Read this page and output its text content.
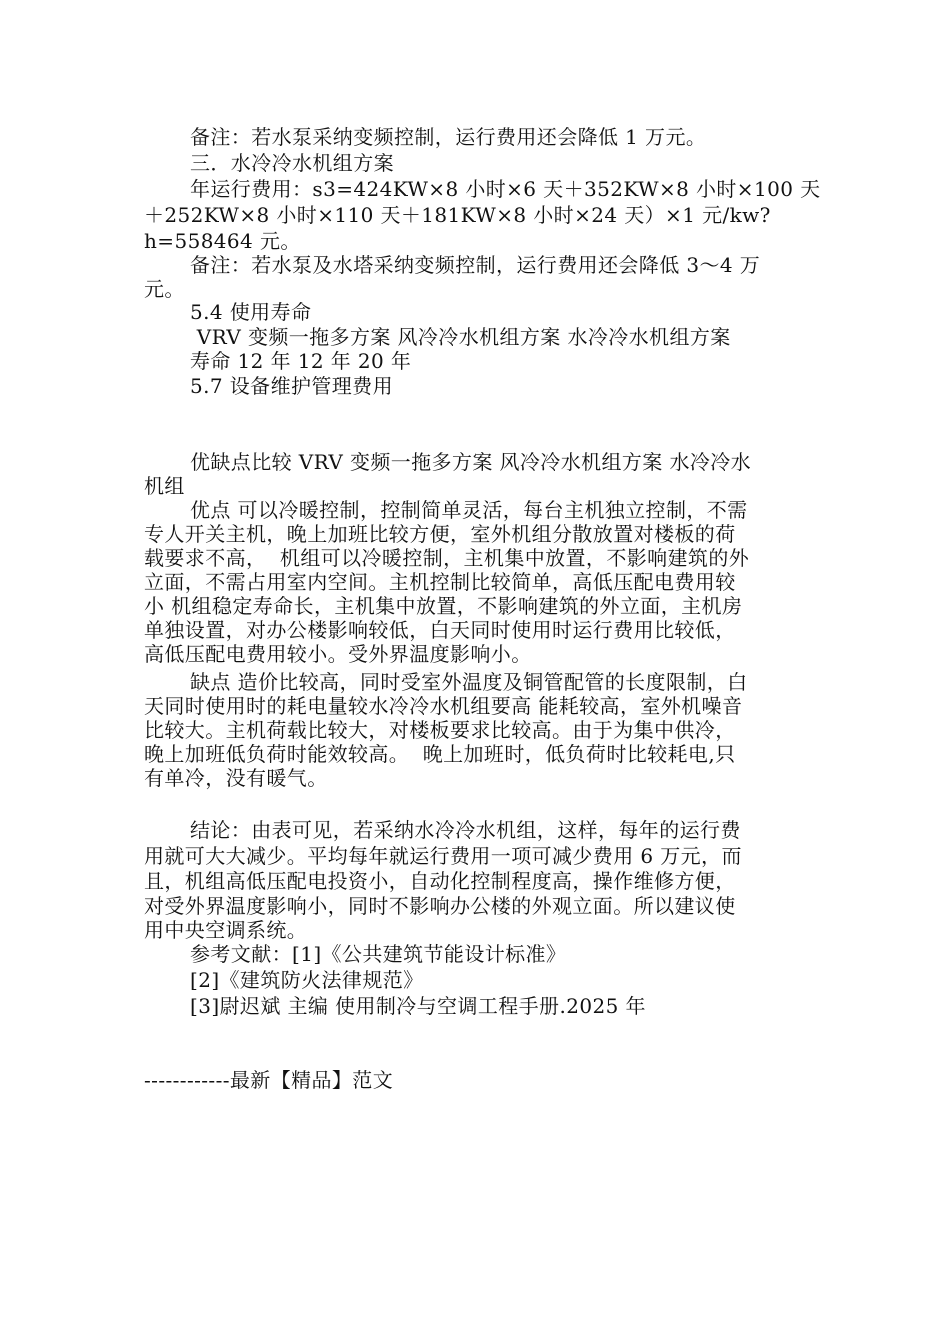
备注：若水泵采纳变频控制，运行费用还会降低 1 万元。
三．水冷冷水机组方案
年运行费用：s3=424KW×8 小时×6 天＋352KW×8 小时×100 天
＋252KW×8 小时×110 天＋181KW×8 小时×24 天）×1 元/kw?
h=558464 元。
备注：若水泵及水塔采纳变频控制，运行费用还会降低 3～4 万
元。
5.4 使用寿命
VRV 变频一拖多方案 风冷冷水机组方案 水冷冷水机组方案
寿命 12 年 12 年 20 年
5.7 设备维护管理费用
优缺点比较 VRV 变频一拖多方案 风冷冷水机组方案 水冷冷水
机组
优点 可以冷暖控制，控制简单灵活，每台主机独立控制，不需
专人开关主机，晚上加班比较方便，室外机组分散放置对楼板的荷
载要求不高，  机组可以冷暖控制，主机集中放置，不影响建筑的外
立面，不需占用室内空间。主机控制比较简单，高低压配电费用较
小 机组稳定寿命长，主机集中放置，不影响建筑的外立面，主机房
单独设置，对办公楼影响较低，白天同时使用时运行费用比较低，
高低压配电费用较小。受外界温度影响小。
缺点 造价比较高，同时受室外温度及铜管配管的长度限制，白
天同时使用时的耗电量较水冷冷水机组要高 能耗较高，室外机噪音
比较大。主机荷载比较大，对楼板要求比较高。由于为集中供冷，
晚上加班低负荷时能效较高。  晚上加班时，低负荷时比较耗电,只
有单冷，没有暖气。
结论：由表可见，若采纳水冷冷水机组，这样，每年的运行费
用就可大大减少。平均每年就运行费用一项可减少费用 6 万元，而
且，机组高低压配电投资小，自动化控制程度高，操作维修方便，
对受外界温度影响小，同时不影响办公楼的外观立面。所以建议使
用中央空调系统。
参考文献：[1]《公共建筑节能设计标准》
[2]《建筑防火法律规范》
[3]尉迟斌 主编 使用制冷与空调工程手册.2025 年
------------最新【精品】范文
